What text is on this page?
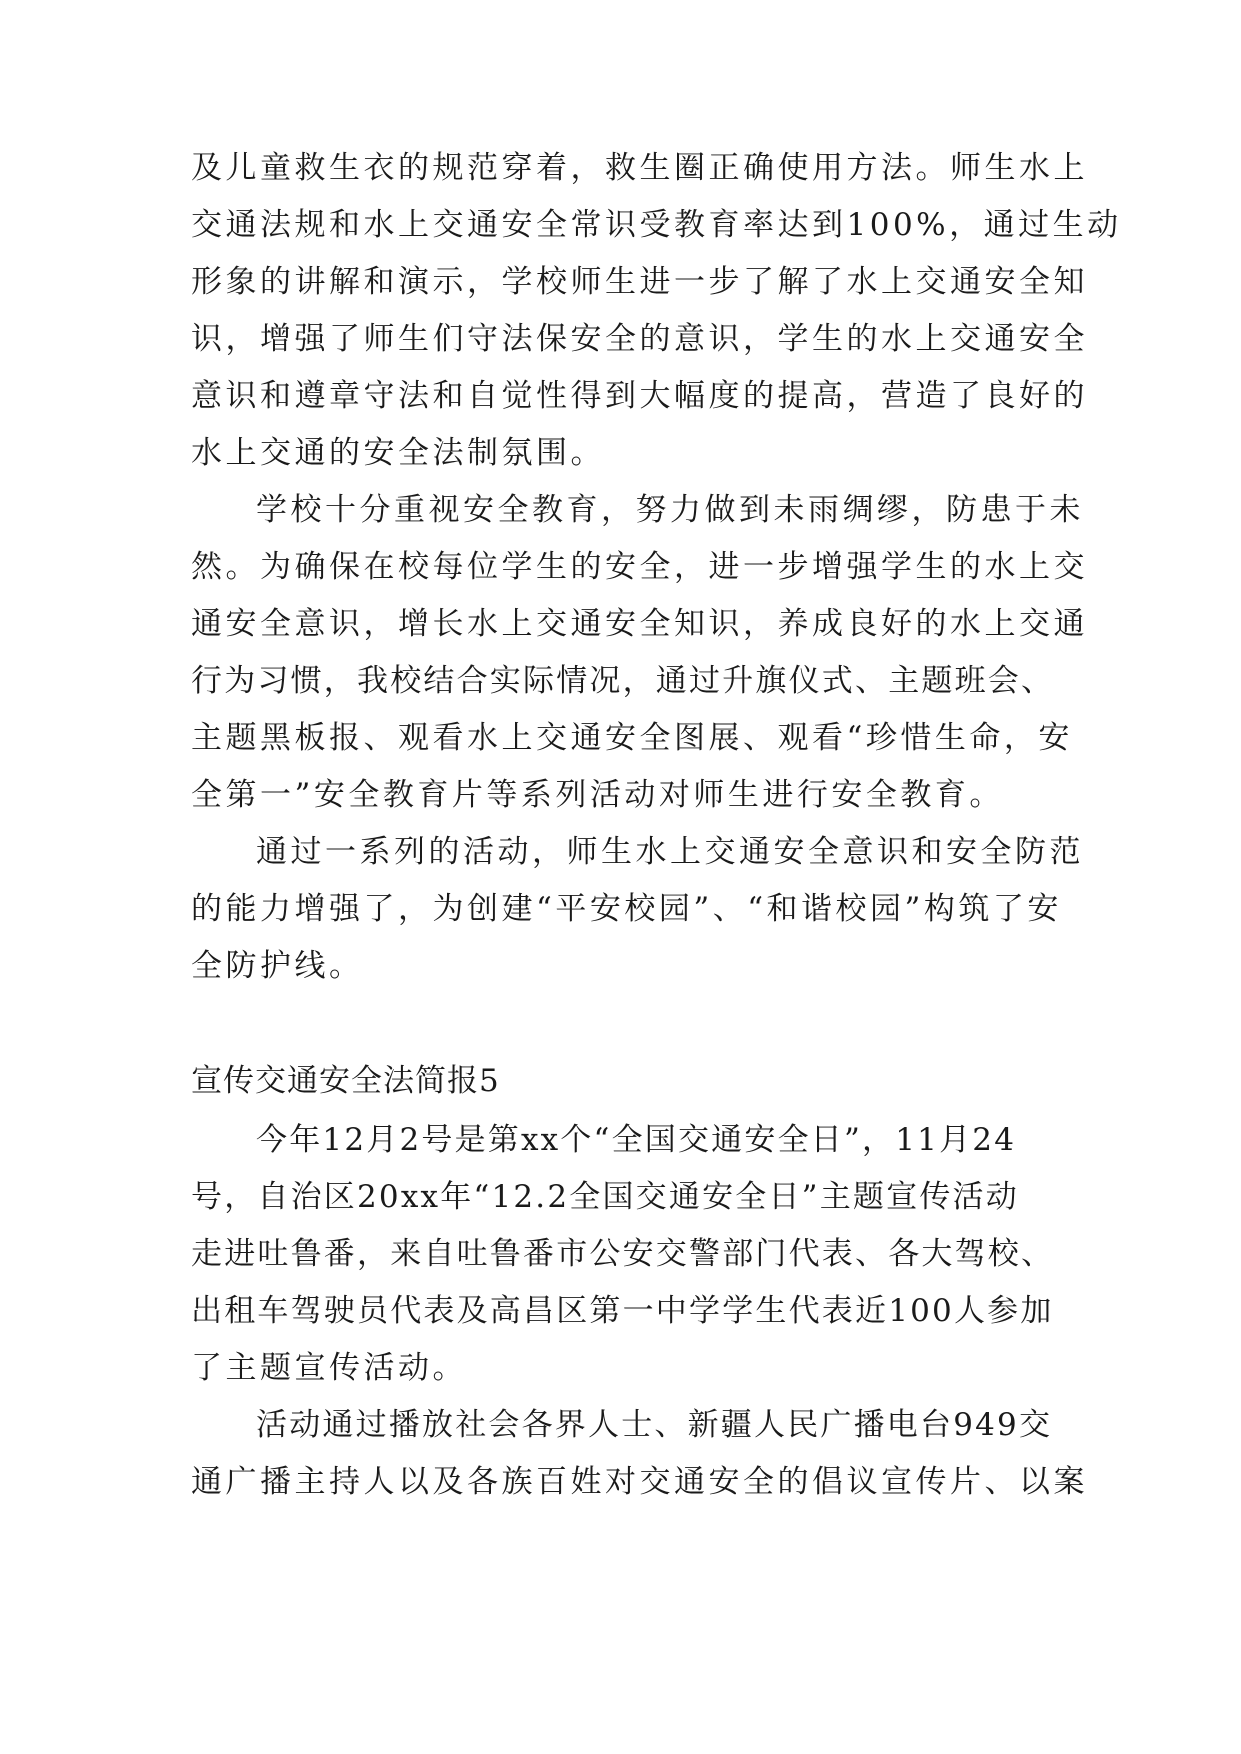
及儿童救生衣的规范穿着，救生圈正确使用方法。师生水上
交通法规和水上交通安全常识受教育率达到100%，通过生动
形象的讲解和演示，学校师生进一步了解了水上交通安全知
识，增强了师生们守法保安全的意识，学生的水上交通安全
意识和遵章守法和自觉性得到大幅度的提高，营造了良好的
水上交通的安全法制氛围。
学校十分重视安全教育，努力做到未雨绸缪，防患于未
然。为确保在校每位学生的安全，进一步增强学生的水上交
通安全意识，增长水上交通安全知识，养成良好的水上交通
行为习惯，我校结合实际情况，通过升旗仪式、主题班会、
主题黑板报、观看水上交通安全图展、观看“珍惜生命，安
全第一”安全教育片等系列活动对师生进行安全教育。
通过一系列的活动，师生水上交通安全意识和安全防范
的能力增强了，为创建“平安校园”、“和谐校园”构筑了安
全防护线。
宣传交通安全法简报5
今年12月2号是第xx个“全国交通安全日”，11月24
号，自治区20xx年“12.2全国交通安全日”主题宣传活动
走进吐鲁番，来自吐鲁番市公安交警部门代表、各大驾校、
出租车驾驶员代表及高昌区第一中学学生代表近100人参加
了主题宣传活动。
活动通过播放社会各界人士、新疆人民广播电台949交
通广播主持人以及各族百姓对交通安全的倡议宣传片、以案
